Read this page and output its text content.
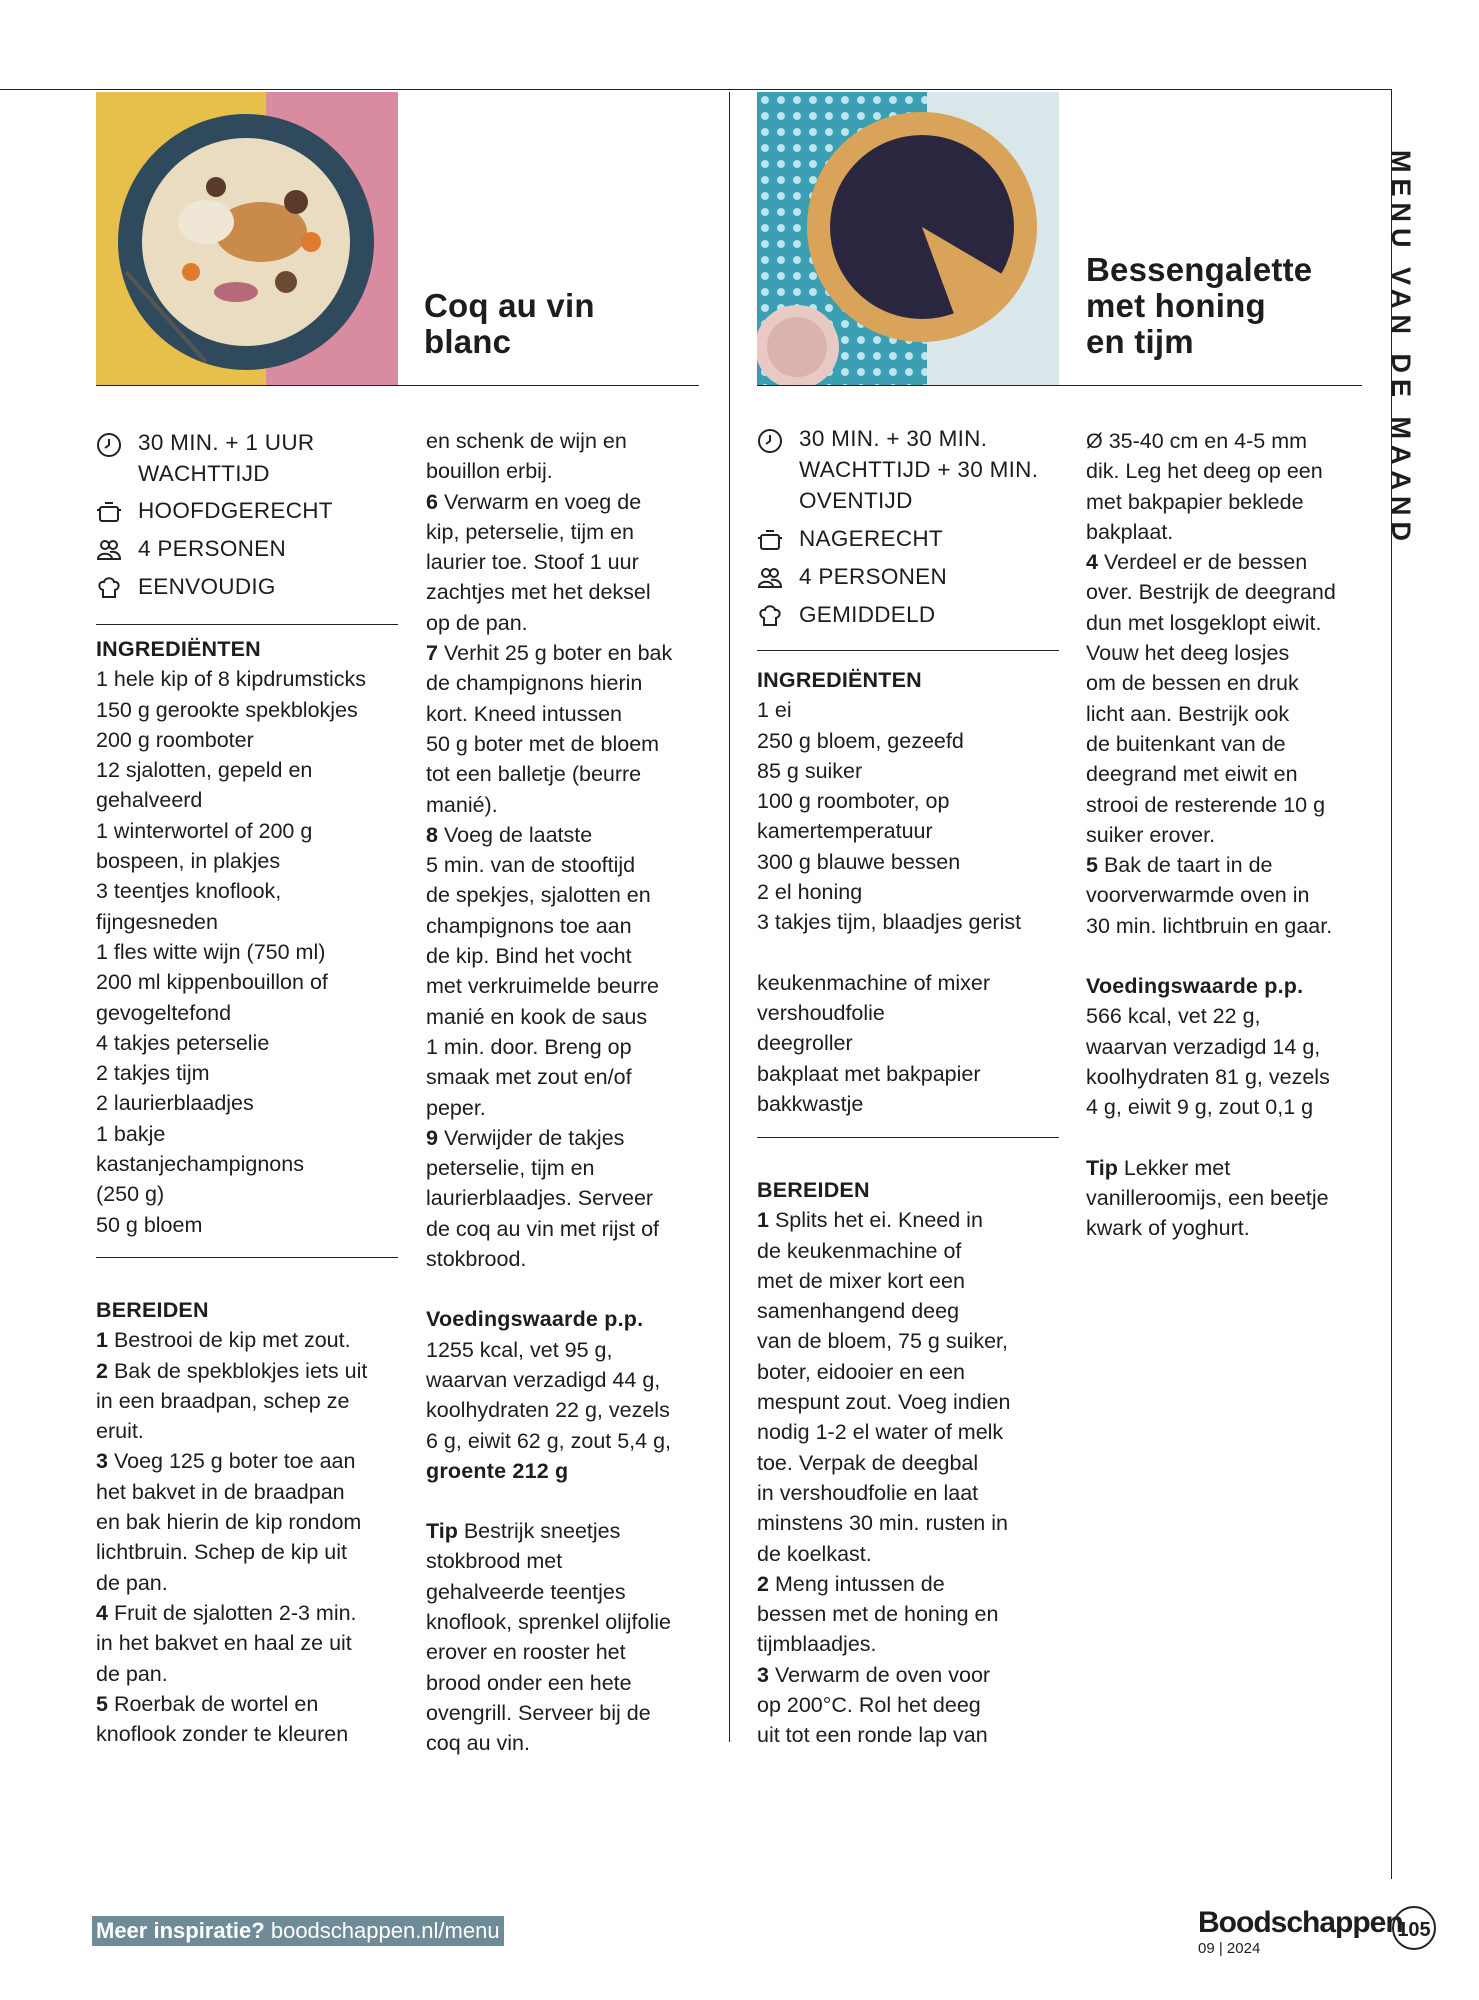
MENU VAN DE MAAND
Coq au vin
blanc
30 MIN. + 1 UUR
WACHTTIJD
HOOFDGERECHT
4 PERSONEN
EENVOUDIG
INGREDIËNTEN
1 hele kip of 8 kipdrumsticks
150 g gerookte spekblokjes
200 g roomboter
12 sjalotten, gepeld en
gehalveerd
1 winterwortel of 200 g
bospeen, in plakjes
3 teentjes knoflook,
fijngesneden
1 fles witte wijn (750 ml)
200 ml kippenbouillon of
gevogeltefond
4 takjes peterselie
2 takjes tijm
2 laurierblaadjes
1 bakje
kastanjechampignons
(250 g)
50 g bloem
BEREIDEN
1 Bestrooi de kip met zout.
2 Bak de spekblokjes iets uit
in een braadpan, schep ze
eruit.
3 Voeg 125 g boter toe aan
het bakvet in de braadpan
en bak hierin de kip rondom
lichtbruin. Schep de kip uit
de pan.
4 Fruit de sjalotten 2-3 min.
in het bakvet en haal ze uit
de pan.
5 Roerbak de wortel en
knoflook zonder te kleuren
en schenk de wijn en
bouillon erbij.
6 Verwarm en voeg de
kip, peterselie, tijm en
laurier toe. Stoof 1 uur
zachtjes met het deksel
op de pan.
7 Verhit 25 g boter en bak
de champignons hierin
kort. Kneed intussen
50 g boter met de bloem
tot een balletje (beurre
manié).
8 Voeg de laatste
5 min. van de stooftijd
de spekjes, sjalotten en
champignons toe aan
de kip. Bind het vocht
met verkruimelde beurre
manié en kook de saus
1 min. door. Breng op
smaak met zout en/of
peper.
9 Verwijder de takjes
peterselie, tijm en
laurierblaadjes. Serveer
de coq au vin met rijst of
stokbrood.
Voedingswaarde p.p.
1255 kcal, vet 95 g,
waarvan verzadigd 44 g,
koolhydraten 22 g, vezels
6 g, eiwit 62 g, zout 5,4 g,
groente 212 g
Tip Bestrijk sneetjes
stokbrood met
gehalveerde teentjes
knoflook, sprenkel olijfolie
erover en rooster het
brood onder een hete
ovengrill. Serveer bij de
coq au vin.
Bessengalette
met honing
en tijm
30 MIN. + 30 MIN.
WACHTTIJD + 30 MIN.
OVENTIJD
NAGERECHT
4 PERSONEN
GEMIDDELD
INGREDIËNTEN
1 ei
250 g bloem, gezeefd
85 g suiker
100 g roomboter, op
kamertemperatuur
300 g blauwe bessen
2 el honing
3 takjes tijm, blaadjes gerist
keukenmachine of mixer
vershoudfolie
deegroller
bakplaat met bakpapier
bakkwastje
BEREIDEN
1 Splits het ei. Kneed in
de keukenmachine of
met de mixer kort een
samenhangend deeg
van de bloem, 75 g suiker,
boter, eidooier en een
mespunt zout. Voeg indien
nodig 1-2 el water of melk
toe. Verpak de deegbal
in vershoudfolie en laat
minstens 30 min. rusten in
de koelkast.
2 Meng intussen de
bessen met de honing en
tijmblaadjes.
3 Verwarm de oven voor
op 200°C. Rol het deeg
uit tot een ronde lap van
Ø 35-40 cm en 4-5 mm
dik. Leg het deeg op een
met bakpapier beklede
bakplaat.
4 Verdeel er de bessen
over. Bestrijk de deegrand
dun met losgeklopt eiwit.
Vouw het deeg losjes
om de bessen en druk
licht aan. Bestrijk ook
de buitenkant van de
deegrand met eiwit en
strooi de resterende 10 g
suiker erover.
5 Bak de taart in de
voorverwarmde oven in
30 min. lichtbruin en gaar.
Voedingswaarde p.p.
566 kcal, vet 22 g,
waarvan verzadigd 14 g,
koolhydraten 81 g, vezels
4 g, eiwit 9 g, zout 0,1 g
Tip Lekker met
vanilleroomijs, een beetje
kwark of yoghurt.
Meer inspiratie? boodschappen.nl/menu	Boodschappen
09 | 2024
105
